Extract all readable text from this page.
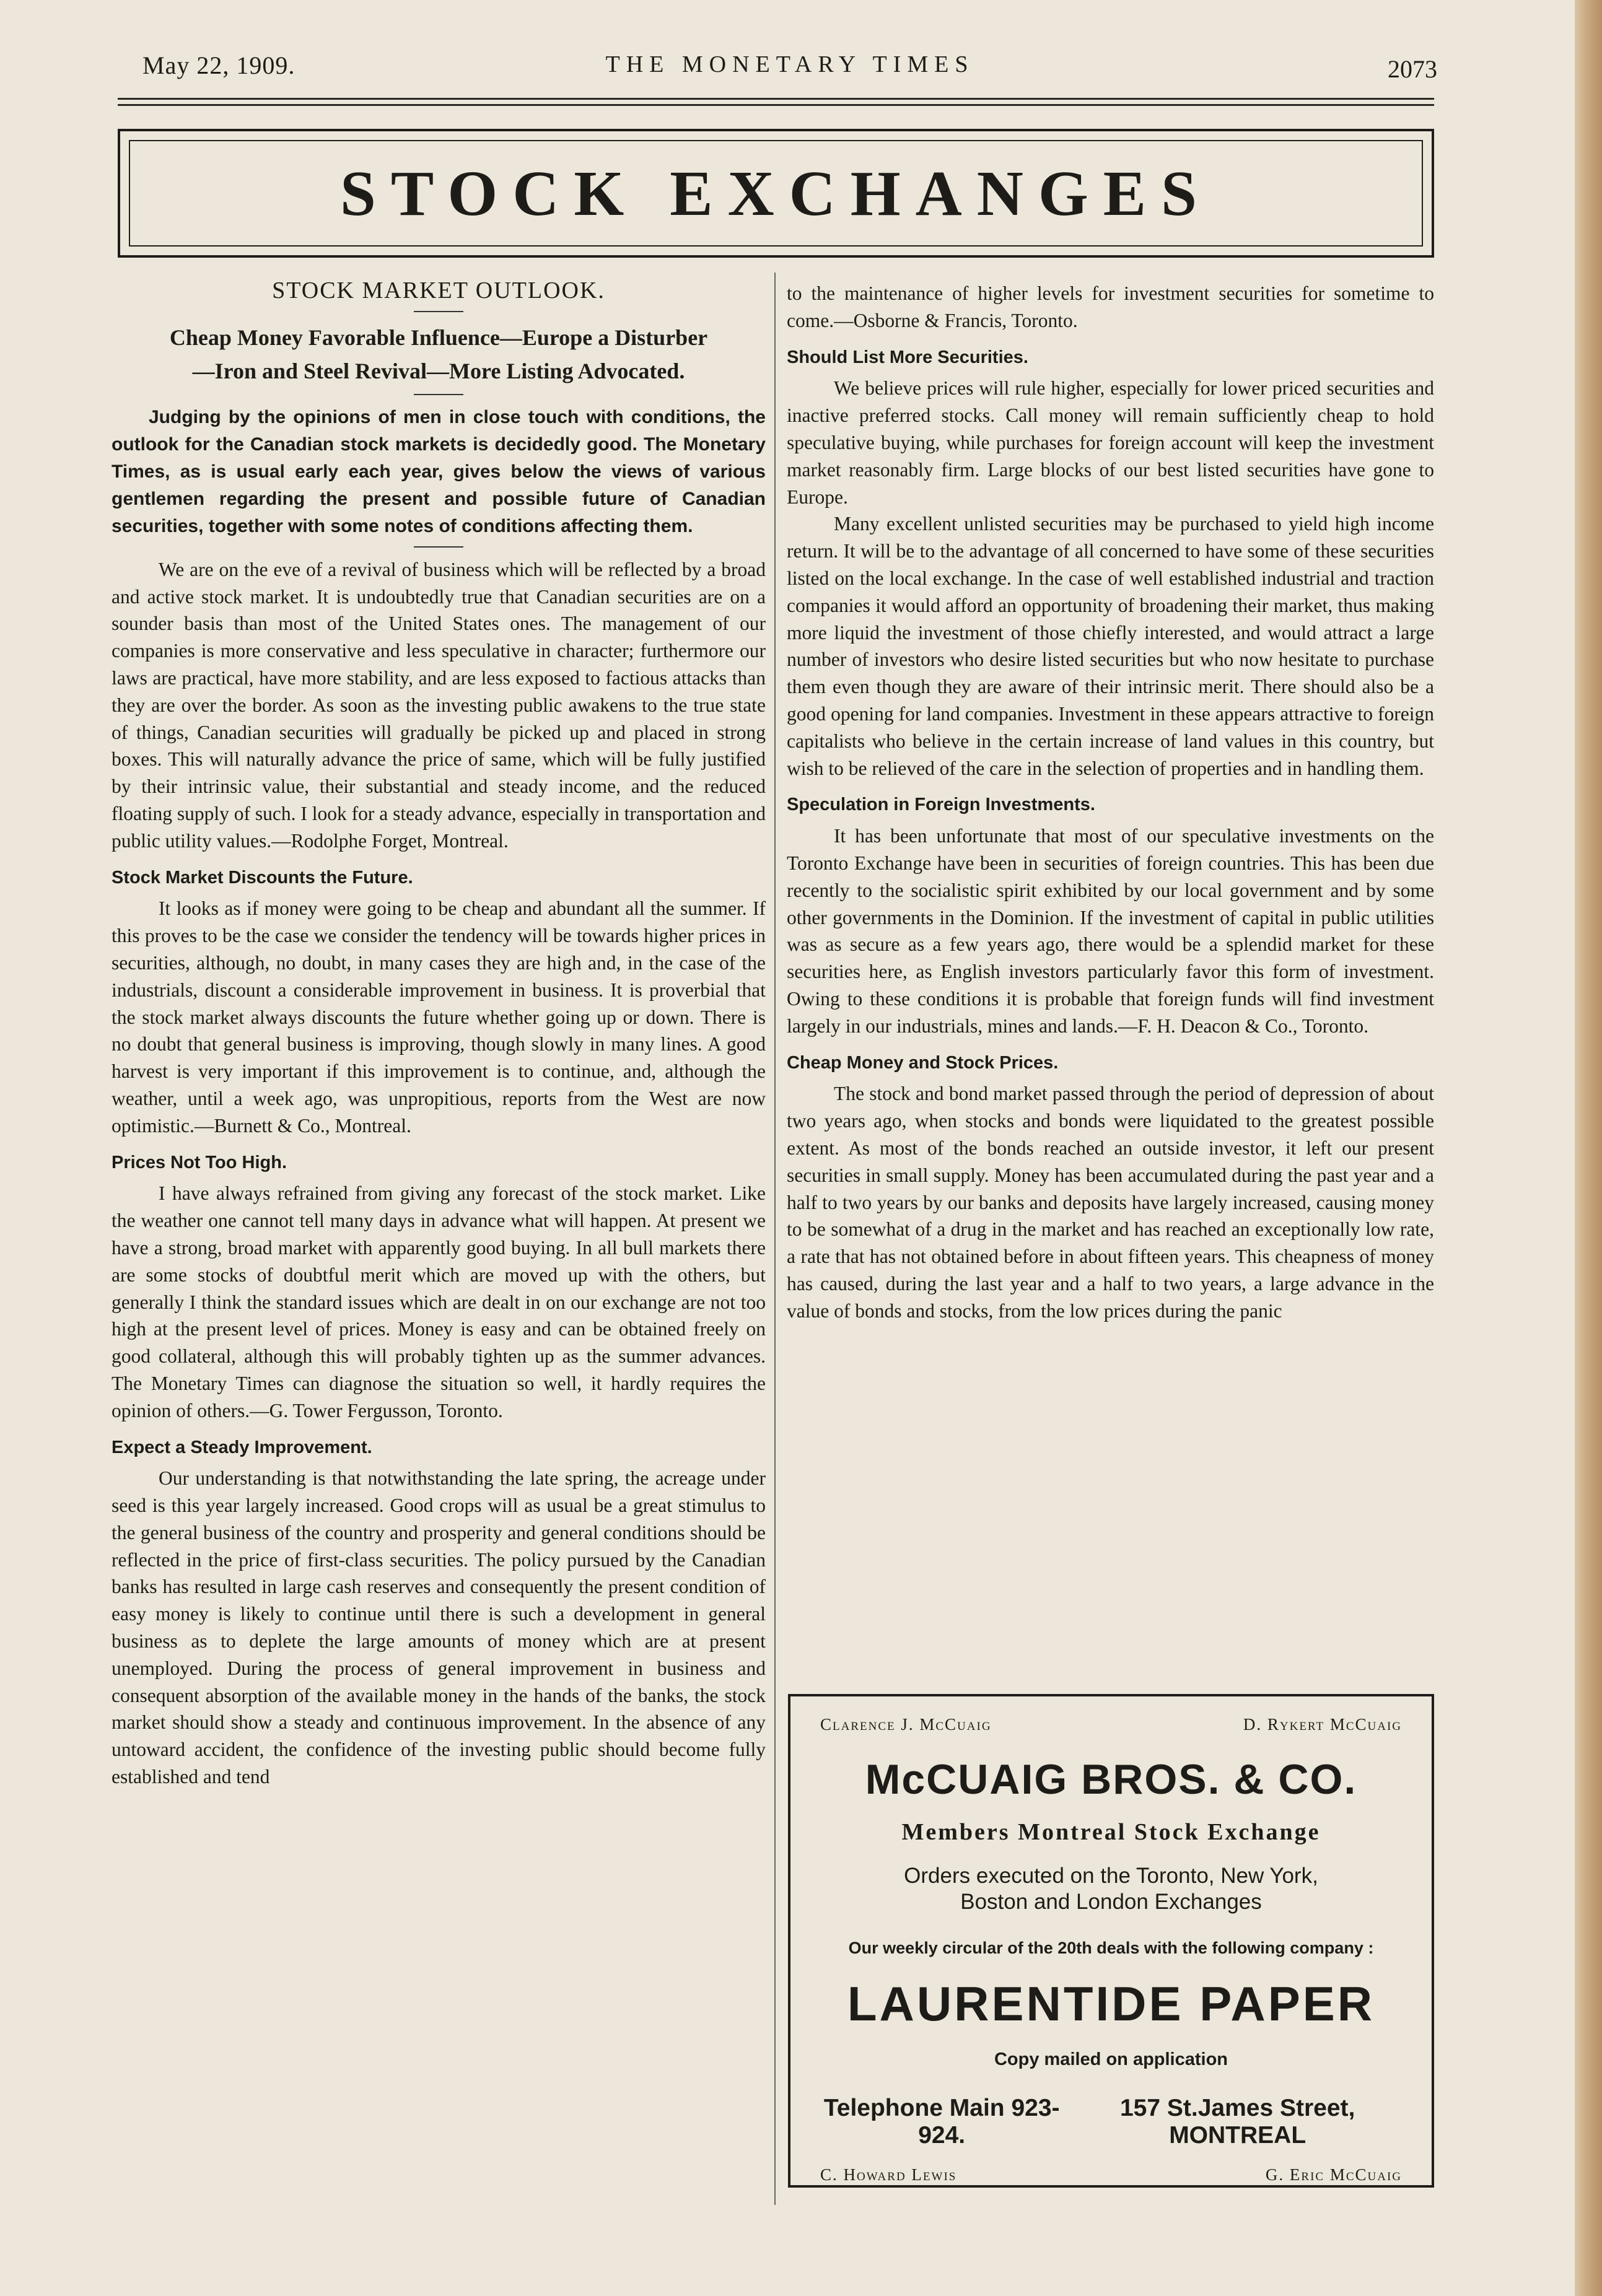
May 22, 1909.	THE MONETARY TIMES	2073
STOCK EXCHANGES
STOCK MARKET OUTLOOK.
Cheap Money Favorable Influence—Europe a Disturber
—Iron and Steel Revival—More Listing Advocated.

Judging by the opinions of men in close touch with conditions, the outlook for the Canadian stock markets is decidedly good. The Monetary Times, as is usual early each year, gives below the views of various gentlemen regarding the present and possible future of Canadian securities, together with some notes of conditions affecting them.

We are on the eve of a revival of business which will be reflected by a broad and active stock market. It is undoubtedly true that Canadian securities are on a sounder basis than most of the United States ones. The management of our companies is more conservative and less speculative in character; furthermore our laws are practical, have more stability, and are less exposed to factious attacks than they are over the border. As soon as the investing public awakens to the true state of things, Canadian securities will gradually be picked up and placed in strong boxes. This will naturally advance the price of same, which will be fully justified by their intrinsic value, their substantial and steady income, and the reduced floating supply of such. I look for a steady advance, especially in transportation and public utility values.—Rodolphe Forget, Montreal.

Stock Market Discounts the Future.

It looks as if money were going to be cheap and abundant all the summer. If this proves to be the case we consider the tendency will be towards higher prices in securities, although, no doubt, in many cases they are high and, in the case of the industrials, discount a considerable improvement in business. It is proverbial that the stock market always discounts the future whether going up or down. There is no doubt that general business is improving, though slowly in many lines. A good harvest is very important if this improvement is to continue, and, although the weather, until a week ago, was unpropitious, reports from the West are now optimistic.—Burnett & Co., Montreal.

Prices Not Too High.

I have always refrained from giving any forecast of the stock market. Like the weather one cannot tell many days in advance what will happen. At present we have a strong, broad market with apparently good buying. In all bull markets there are some stocks of doubtful merit which are moved up with the others, but generally I think the standard issues which are dealt in on our exchange are not too high at the present level of prices. Money is easy and can be obtained freely on good collateral, although this will probably tighten up as the summer advances. The Monetary Times can diagnose the situation so well, it hardly requires the opinion of others.—G. Tower Fergusson, Toronto.

Expect a Steady Improvement.

Our understanding is that notwithstanding the late spring, the acreage under seed is this year largely increased. Good crops will as usual be a great stimulus to the general business of the country and prosperity and general conditions should be reflected in the price of first-class securities. The policy pursued by the Canadian banks has resulted in large cash reserves and consequently the present condition of easy money is likely to continue until there is such a development in general business as to deplete the large amounts of money which are at present unemployed. During the process of general improvement in business and consequent absorption of the available money in the hands of the banks, the stock market should show a steady and continuous improvement. In the absence of any untoward accident, the confidence of the investing public should become fully established and tend

to the maintenance of higher levels for investment securities for sometime to come.—Osborne & Francis, Toronto.

Should List More Securities.

We believe prices will rule higher, especially for lower priced securities and inactive preferred stocks. Call money will remain sufficiently cheap to hold speculative buying, while purchases for foreign account will keep the investment market reasonably firm. Large blocks of our best listed securities have gone to Europe.

Many excellent unlisted securities may be purchased to yield high income return. It will be to the advantage of all concerned to have some of these securities listed on the local exchange. In the case of well established industrial and traction companies it would afford an opportunity of broadening their market, thus making more liquid the investment of those chiefly interested, and would attract a large number of investors who desire listed securities but who now hesitate to purchase them even though they are aware of their intrinsic merit. There should also be a good opening for land companies. Investment in these appears attractive to foreign capitalists who believe in the certain increase of land values in this country, but wish to be relieved of the care in the selection of properties and in handling them.

Speculation in Foreign Investments.

It has been unfortunate that most of our speculative investments on the Toronto Exchange have been in securities of foreign countries. This has been due recently to the socialistic spirit exhibited by our local government and by some other governments in the Dominion. If the investment of capital in public utilities was as secure as a few years ago, there would be a splendid market for these securities here, as English investors particularly favor this form of investment. Owing to these conditions it is probable that foreign funds will find investment largely in our industrials, mines and lands.—F. H. Deacon & Co., Toronto.

Cheap Money and Stock Prices.

The stock and bond market passed through the period of depression of about two years ago, when stocks and bonds were liquidated to the greatest possible extent. As most of the bonds reached an outside investor, it left our present securities in small supply. Money has been accumulated during the past year and a half to two years by our banks and deposits have largely increased, causing money to be somewhat of a drug in the market and has reached an exceptionally low rate, a rate that has not obtained before in about fifteen years. This cheapness of money has caused, during the last year and a half to two years, a large advance in the value of bonds and stocks, from the low prices during the panic

Clarence J. McCuaig	D. Rykert McCuaig
McCUAIG BROS. & CO.
Members Montreal Stock Exchange
Orders executed on the Toronto, New York, Boston and London Exchanges
Our weekly circular of the 20th deals with the following company :
LAURENTIDE PAPER
Copy mailed on application
Telephone Main 923-924.
157 St.James Street, MONTREAL
C. Howard Lewis	G. Eric McCuaig
